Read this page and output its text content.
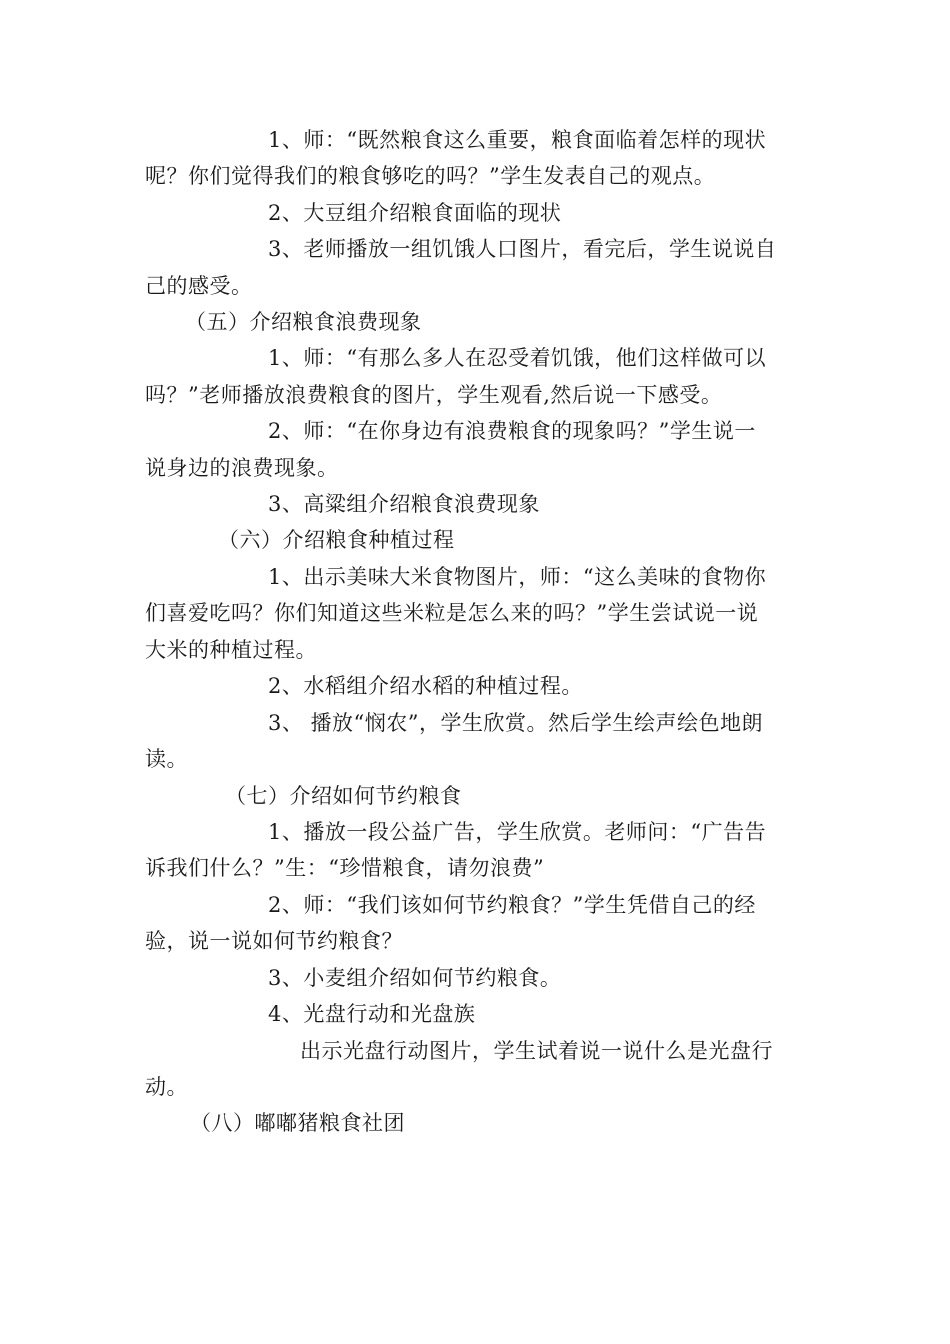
1、师：“既然粮食这么重要，粮食面临着怎样的现状
呢？你们觉得我们的粮食够吃的吗？”学生发表自己的观点。
2、大豆组介绍粮食面临的现状
3、老师播放一组饥饿人口图片，看完后，学生说说自
己的感受。
（五）介绍粮食浪费现象
1、师：“有那么多人在忍受着饥饿，他们这样做可以
吗？”老师播放浪费粮食的图片，学生观看,然后说一下感受。
2、师：“在你身边有浪费粮食的现象吗？”学生说一
说身边的浪费现象。
3、高粱组介绍粮食浪费现象
（六）介绍粮食种植过程
1、出示美味大米食物图片，师：“这么美味的食物你
们喜爱吃吗？你们知道这些米粒是怎么来的吗？”学生尝试说一说
大米的种植过程。
2、水稻组介绍水稻的种植过程。
3、 播放“悯农”，学生欣赏。然后学生绘声绘色地朗
读。
（七）介绍如何节约粮食
1、播放一段公益广告，学生欣赏。老师问：“广告告
诉我们什么？”生：“珍惜粮食，请勿浪费”
2、师：“我们该如何节约粮食？”学生凭借自己的经
验，说一说如何节约粮食？
3、小麦组介绍如何节约粮食。
4、光盘行动和光盘族
出示光盘行动图片，学生试着说一说什么是光盘行
动。
（八）嘟嘟猪粮食社团
